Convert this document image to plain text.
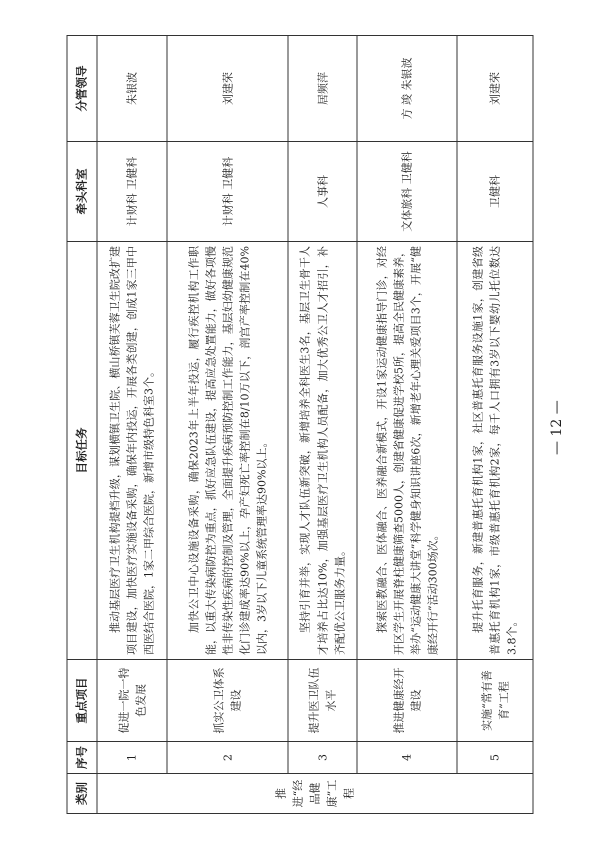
类别	序号	重点项目	目标任务	牵头科室	分管领导
推进“经品健康”工程	1	促进一院一特色发展	推动基层医疗卫生机构提档升级，谋划横镇卫生院、横山桥镇芙蓉卫生院改扩建项目建设，加快医疗实施设备采购，确保年内投运，开展各类创建，创成1家三甲中西医结合医院，1家二甲综合医院，新增市级特色科室3个。	计财科 卫健科	朱银波
	2	抓实公卫体系建设	加快公卫中心设施设备采购，确保2023年上半年投运，履行疾控机构工作职能，以重大传染病防控为重点，抓好应急队伍建设，提高应急处置能力，做好各项慢性非传染性疾病的控制及管理，全面提升疾病预防控制工作能力，基层妇幼健康规范化门诊建成率达90%以上，孕产妇死亡率控制在8/10万以下，剖宫产率控制在40%以内，3岁以下儿童系统管理率达90%以上。	计财科 卫健科	刘建荣
	3	提升医卫队伍水平	坚持引育并举，实现人才队伍新突破，新增培养全科医生3名，基层卫生骨干人才培养占比达10%，加强基层医疗卫生机构人员配备，加大优秀公卫人才招引，补齐配优公卫服务力量。	人事科	居频萍
	4	推进健康经开建设	探索医教融合、医体融合、医养融合新模式，开设1家运动健康指导门诊，对经开区学生开展脊柱健康筛查5000人，创建省健康促进学校5所，提高全民健康素养，举办“运动健康大讲堂”科学健身知识讲座6次，新增老年心理关爱项目3个，开展“健康经开行”活动300场次。	文体旅科 卫健科	方 竣 朱银波
	5	实施“常有善育”工程	提升托育服务，新建普惠托育机构1家，社区普惠托育服务设施1家，创建省级普惠托育机构1家，市级普惠托育机构2家，每千人口拥有3岁以下婴幼儿托位数达3.8个。	卫健科	刘建荣
— 12 —
